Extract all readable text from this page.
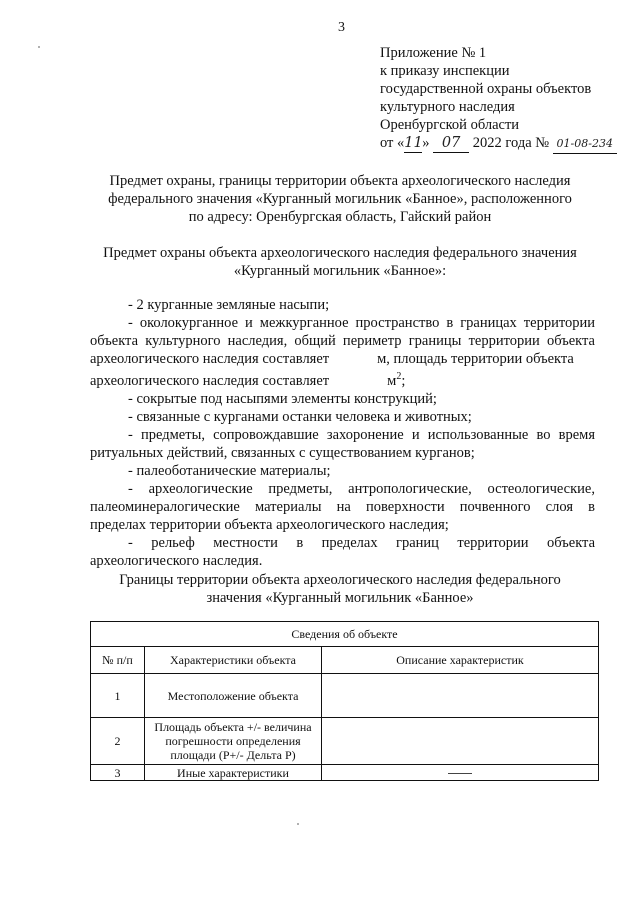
3
Приложение № 1
к приказу инспекции
государственной охраны объектов
культурного наследия
Оренбургской области
от «11» 07 2022 года № 01-08-234
Предмет охраны, границы территории объекта археологического наследия
федерального значения «Курганный могильник «Банное», расположенного
по адресу: Оренбургская область, Гайский район
Предмет охраны объекта археологического наследия федерального значения
«Курганный могильник «Банное»:
- 2 курганные земляные насыпи;
- околокурганное и межкурганное пространство в границах территории
объекта культурного наследия, общий периметр границы территории объекта
археологического наследия составляет	м, площадь территории объекта
археологического наследия составляет	$м^2$;
- сокрытые под насыпями элементы конструкций;
- связанные с курганами останки человека и животных;
- предметы, сопровождавшие захоронение и использованные во время
ритуальных действий, связанных с существованием курганов;
- палеоботанические материалы;
- археологические предметы, антропологические, остеологические,
палеоминералогические материалы на поверхности почвенного слоя в
пределах территории объекта археологического наследия;
- рельеф местности в пределах границ территории объекта
археологического наследия.
Границы территории объекта археологического наследия федерального
значения «Курганный могильник «Банное»
Сведения об объекте		
№ п/п	Характеристики объекта	Описание характеристик
1	Местоположение объекта	
2	Площадь объекта +/- величина погрешности определения площади (Р+/- Дельта Р)	
3	Иные характеристики	
